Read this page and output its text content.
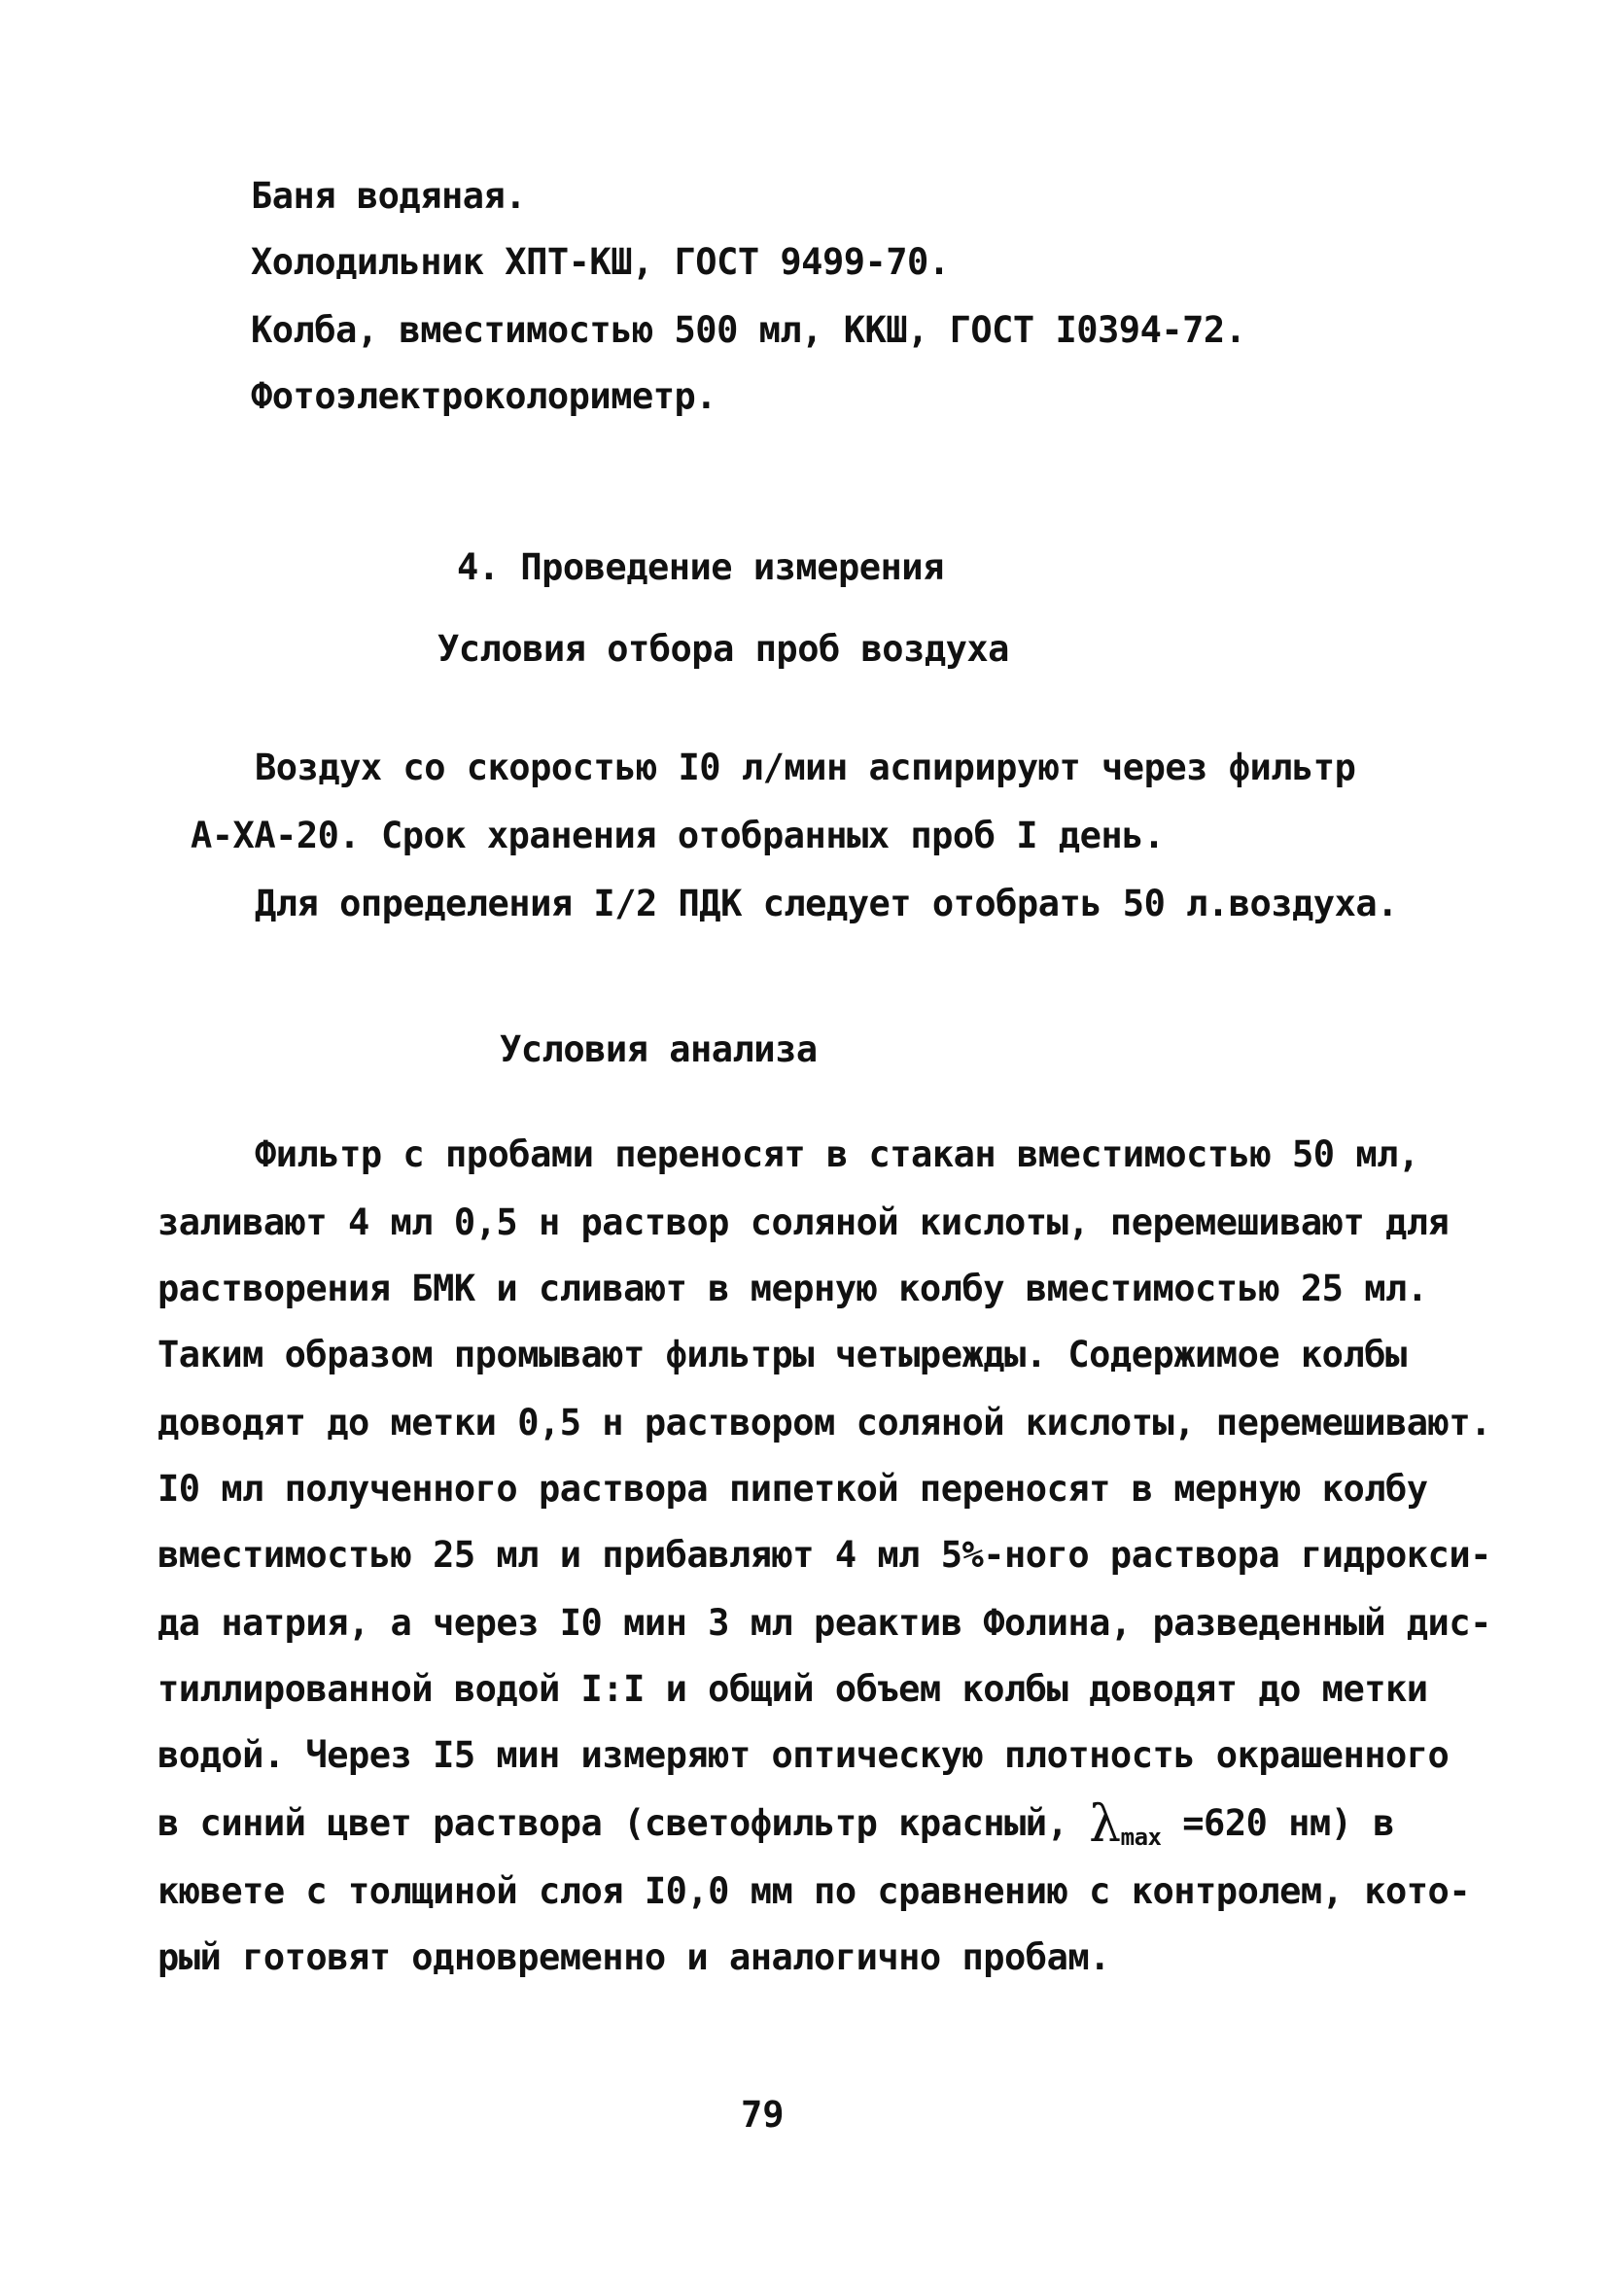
Баня водяная.
Холодильник ХПТ-КШ, ГОСТ 9499-70.
Колба, вместимостью 500 мл, ККШ, ГОСТ I0394-72.
Фотоэлектроколориметр.
4. Проведение измерения
Условия отбора проб воздуха
Воздух со скоростью I0 л/мин аспирируют через фильтр
А-ХА-20. Срок хранения отобранных проб I день.
Для определения I/2 ПДК следует отобрать 50 л.воздуха.
Условия анализа
Фильтр с пробами переносят в стакан вместимостью 50 мл,
заливают 4 мл 0,5 н раствор соляной кислоты, перемешивают для
растворения БМК и сливают в мерную колбу вместимостью 25 мл.
Таким образом промывают фильтры четырежды. Содержимое колбы
доводят до метки 0,5 н раствором соляной кислоты, перемешивают.
I0 мл полученного раствора пипеткой переносят в мерную колбу
вместимостью 25 мл и прибавляют 4 мл 5%-ного раствора гидрокси-
да натрия, а через I0 мин 3 мл реактив Фолина, разведенный дис-
тиллированной водой I:I и общий объем колбы доводят до метки
водой. Через I5 мин измеряют оптическую плотность окрашенного
в синий цвет раствора (светофильтр красный, $\lambda_{max} =620$ нм) в
кювете с толщиной слоя I0,0 мм по сравнению с контролем, кото-
рый готовят одновременно и аналогично пробам.
79
